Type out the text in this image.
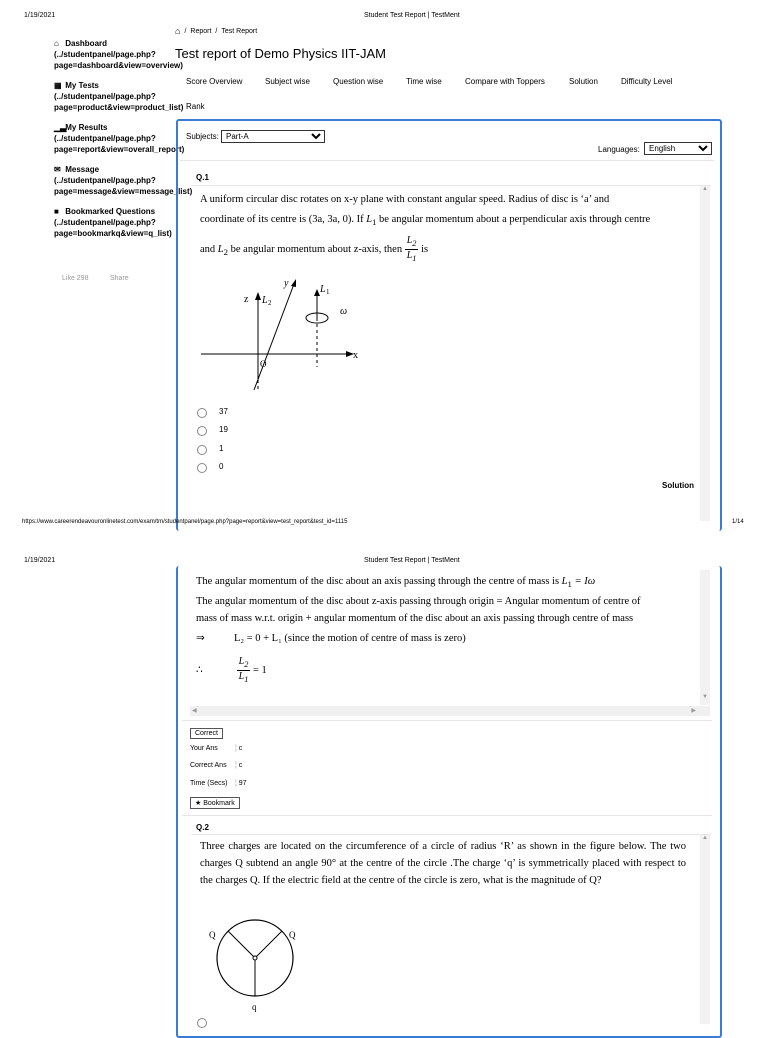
1/19/2021	Student Test Report | TestMent
⌂ / Report / Test Report
Test report of Demo Physics IIT-JAM
⌂ Dashboard
(../studentpanel/page.php?
page=dashboard&view=overview)
▦ My Tests
(../studentpanel/page.php?
page=product&view=product_list)
▁▃ My Results
(../studentpanel/page.php?
page=report&view=overall_report)
✉ Message
(../studentpanel/page.php?
page=message&view=message_list)
■ Bookmarked Questions
(../studentpanel/page.php?
page=bookmarkq&view=q_list)
Like 298	Share
Score Overview	Subject wise	Question wise	Time wise	Compare with Toppers	Solution	Difficulty Level
Rank
Subjects:
Part-A
Languages:
English
Q.1
▲
A uniform circular disc rotates on x-y plane with constant angular speed. Radius of disc is ‘a’ and
coordinate of its centre is (3a, 3a, 0). If $L_1$ be angular momentum about a perpendicular axis through centre
and $L_2$ be angular momentum about z-axis, then $\frac{L_2}{L_1}$ is
z
y
x
L 2
L 1
ω
O
37
19
1
0
Solution
https://www.careerendeavouronlinetest.com/exam/tm/studentpanel/page.php?page=report&view=test_report&test_id=1115	1/14
1/19/2021	Student Test Report | TestMent
The angular momentum of the disc about an axis passing through the centre of mass is $L_1 = I\omega$
The angular momentum of the disc about z-axis passing through origin = Angular momentum of centre of
mass of mass w.r.t. origin + angular momentum of the disc about an axis passing through centre of mass
⇒	L₂ = 0 + L₁ (since the motion of centre of mass is zero)
∴	$\frac{L_2}{L_1} = 1$
▼
◀	▶
Correct
Your Ans ¦ c
Correct Ans ¦ c
Time (Secs) ¦ 97
★ Bookmark
Q.2
▲
Three charges are located on the circumference of a circle of radius ‘R’ as shown in the figure below. The two charges Q subtend an angle 90° at the centre of the circle .The charge ‘q’ is symmetrically placed with respect to the charges Q. If the electric field at the centre of the circle is zero, what is the magnitude of Q?
Q	Q
q
